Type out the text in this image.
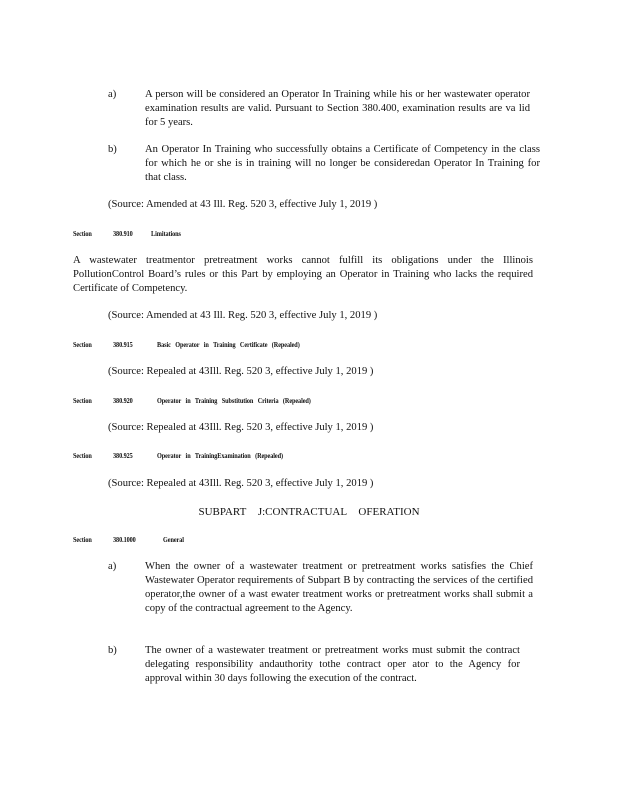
a)	A person will be considered an Operator In Training while his or her wastewater operator examination results are valid. Pursuant to Section 380.400, examination results are va lid for 5 years.
b)	An Operator In Training who successfully obtains a Certificate of Competency in the class for which he or she is in training will no longer be consideredan Operator In Training for that class.
(Source: Amended at 43 Ill. Reg. 520 3, effective July 1, 2019 )
Section	380.910 Limitations
A wastewater treatmentor pretreatment works cannot fulfill its obligations under the Illinois PollutionControl Board’s rules or this Part by employing an Operator in Training who lacks the required Certificate of Competency.
(Source: Amended at 43 Ill. Reg. 520 3, effective July 1, 2019 )
Section	380.915	Basic   Operator   in   Training   Certificate   (Repealed)
(Source: Repealed at 43Ill. Reg. 520 3, effective July 1, 2019 )
Section	380.920	Operator   in   Training   Substitution   Criteria   (Repealed)
(Source: Repealed at 43Ill. Reg. 520 3, effective July 1, 2019 )
Section	380.925	Operator   in   TrainingExamination   (Repealed)
(Source: Repealed at 43Ill. Reg. 520 3, effective July 1, 2019 )
SUBPART J:CONTRACTUAL OFERATION
Section	380.1000	General
a)	When the owner of a wastewater treatment or pretreatment works satisfies the Chief Wastewater Operator requirements of Subpart B by contracting the services of the certified operator,the owner of a wast ewater treatment works or pretreatment works shall submit a copy of the contractual agreement to the Agency.
b)	The owner of a wastewater treatment or pretreatment works must submit the contract delegating responsibility andauthority tothe contract oper ator to the Agency for approval within 30 days following the execution of the contract.
